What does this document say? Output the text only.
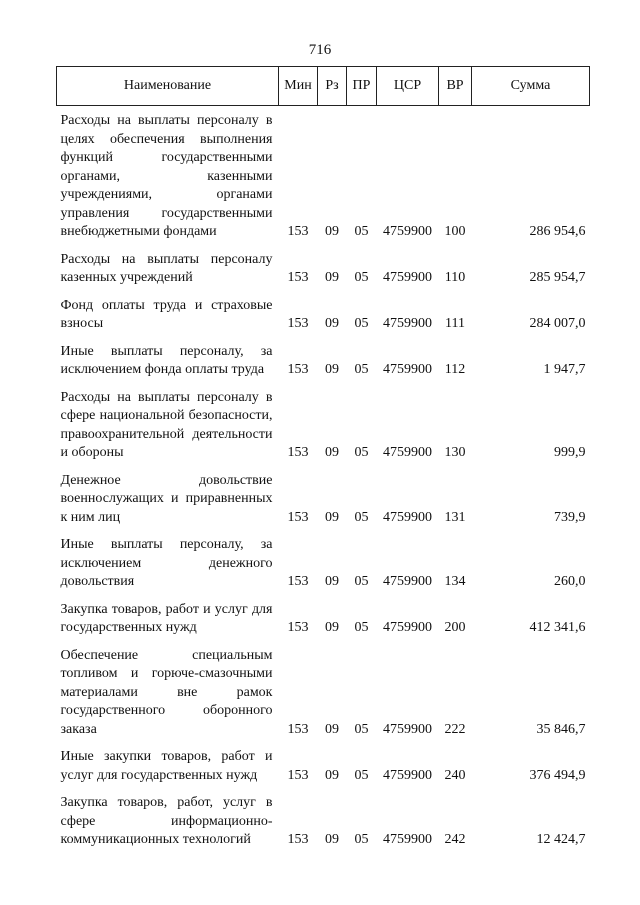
716
Наименование	Мин	Рз	ПР	ЦСР	ВР	Сумма
Расходы на выплаты персоналу в целях обеспечения выполнения функций государственными органами, казенными учреждениями, органами управления государственными внебюджетными фондами	153	09	05	4759900	100	286 954,6
Расходы на выплаты персоналу казенных учреждений	153	09	05	4759900	110	285 954,7
Фонд оплаты труда и страховые взносы	153	09	05	4759900	111	284 007,0
Иные выплаты персоналу, за исключением фонда оплаты труда	153	09	05	4759900	112	1 947,7
Расходы на выплаты персоналу в сфере национальной безопасности, правоохранительной деятельности и обороны	153	09	05	4759900	130	999,9
Денежное довольствие военнослужащих и приравненных к ним лиц	153	09	05	4759900	131	739,9
Иные выплаты персоналу, за исключением денежного довольствия	153	09	05	4759900	134	260,0
Закупка товаров, работ и услуг для государственных нужд	153	09	05	4759900	200	412 341,6
Обеспечение специальным топливом и горюче-смазочными материалами вне рамок государственного оборонного заказа	153	09	05	4759900	222	35 846,7
Иные закупки товаров, работ и услуг для государственных нужд	153	09	05	4759900	240	376 494,9
Закупка товаров, работ, услуг в сфере информационно-коммуникационных технологий	153	09	05	4759900	242	12 424,7
